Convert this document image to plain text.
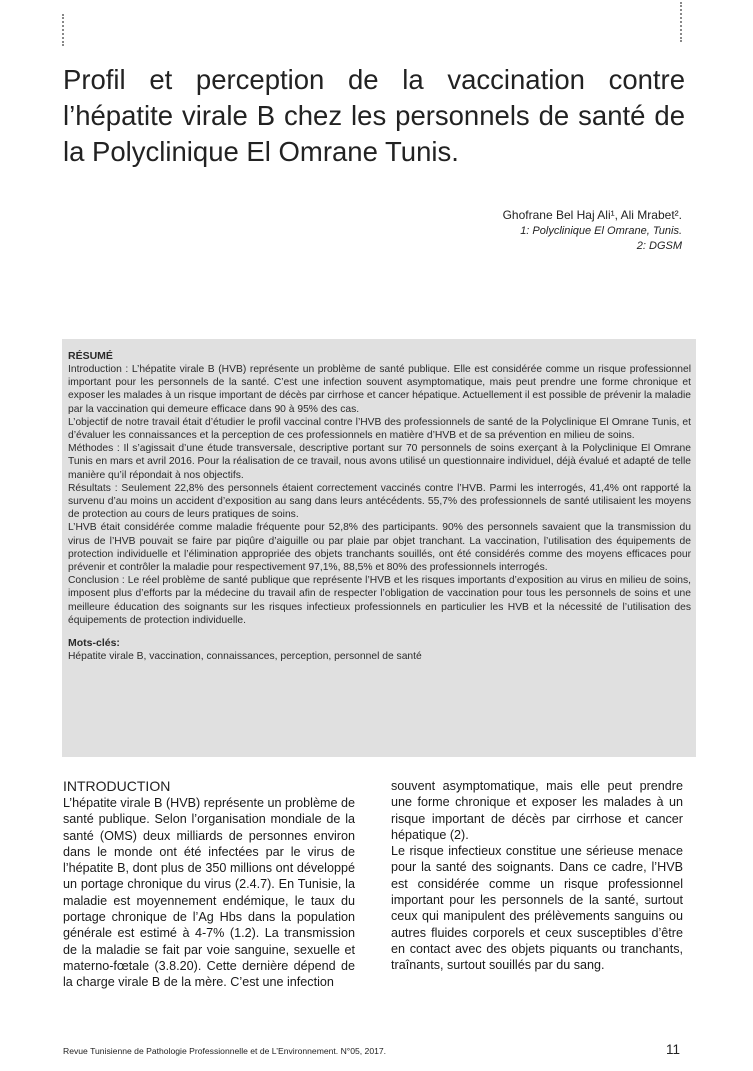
Profil et perception de la vaccination contre l’hépatite virale B chez les personnels de santé de la Polyclinique El Omrane Tunis.
Ghofrane Bel Haj Ali¹, Ali Mrabet².
1: Polyclinique El Omrane, Tunis.
2: DGSM
RÉSUMÉ

Introduction : L’hépatite virale B (HVB) représente un problème de santé publique. Elle est considérée comme un risque professionnel important pour les personnels de la santé. C’est une infection souvent asymptomatique, mais peut prendre une forme chronique et exposer les malades à un risque important de décès par cirrhose et cancer hépatique. Actuellement il est possible de prévenir la maladie par la vaccination qui demeure efficace dans 90 à 95% des cas.

L’objectif de notre travail était d’étudier le profil vaccinal contre l’HVB des professionnels de santé de la Polyclinique El Omrane Tunis, et d’évaluer les connaissances et la perception de ces professionnels en matière d’HVB et de sa prévention en milieu de soins.

Méthodes : Il s’agissait d’une étude transversale, descriptive portant sur 70 personnels de soins exerçant à la Polyclinique El Omrane Tunis en mars et avril 2016. Pour la réalisation de ce travail, nous avons utilisé un questionnaire individuel, déjà évalué et adapté de telle manière qu’il répondait à nos objectifs.

Résultats : Seulement 22,8% des personnels étaient correctement vaccinés contre l’HVB. Parmi les interrogés, 41,4% ont rapporté la survenu d’au moins un accident d’exposition au sang dans leurs antécédents. 55,7% des professionnels de santé utilisaient les moyens de protection au cours de leurs pratiques de soins.

L’HVB était considérée comme maladie fréquente pour 52,8% des participants. 90% des personnels savaient que la transmission du virus de l’HVB pouvait se faire par piqûre d’aiguille ou par plaie par objet tranchant. La vaccination, l’utilisation des équipements de protection individuelle et l’élimination appropriée des objets tranchants souillés, ont été considérés comme des moyens efficaces pour prévenir et contrôler la maladie pour respectivement 97,1%, 88,5% et 80% des professionnels interrogés.

Conclusion : Le réel problème de santé publique que représente l’HVB et les risques importants d’exposition au virus en milieu de soins, imposent plus d’efforts par la médecine du travail afin de respecter l’obligation de vaccination pour tous les personnels de soins et une meilleure éducation des soignants sur les risques infectieux professionnels en particulier les HVB et la nécessité de l’utilisation des équipements de protection individuelle.

Mots-clés:

Hépatite virale B, vaccination, connaissances, perception, personnel de santé

INTRODUCTION

L’hépatite virale B (HVB) représente un problème de santé publique. Selon l’organisation mondiale de la santé (OMS) deux milliards de personnes environ dans le monde ont été infectées par le virus de l’hépatite B, dont plus de 350 millions ont développé un portage chronique du virus (2.4.7). En Tunisie, la maladie est moyennement endémique, le taux du portage chronique de l’Ag Hbs dans la population générale est estimé à 4-7% (1.2). La transmission de la maladie se fait par voie sanguine, sexuelle et materno-fœtale (3.8.20). Cette dernière dépend de la charge virale B de la mère. C’est une infection

souvent asymptomatique, mais elle peut prendre une forme chronique et exposer les malades à un risque important de décès par cirrhose et cancer hépatique (2).

Le risque infectieux constitue une sérieuse menace pour la santé des soignants. Dans ce cadre, l’HVB est considérée comme un risque professionnel important pour les personnels de la santé, surtout ceux qui manipulent des prélèvements sanguins ou autres fluides corporels et ceux susceptibles d’être en contact avec des objets piquants ou tranchants, traînants, surtout souillés par du sang.

Revue Tunisienne de Pathologie Professionnelle et de L’Environnement. N°05, 2017.	11
